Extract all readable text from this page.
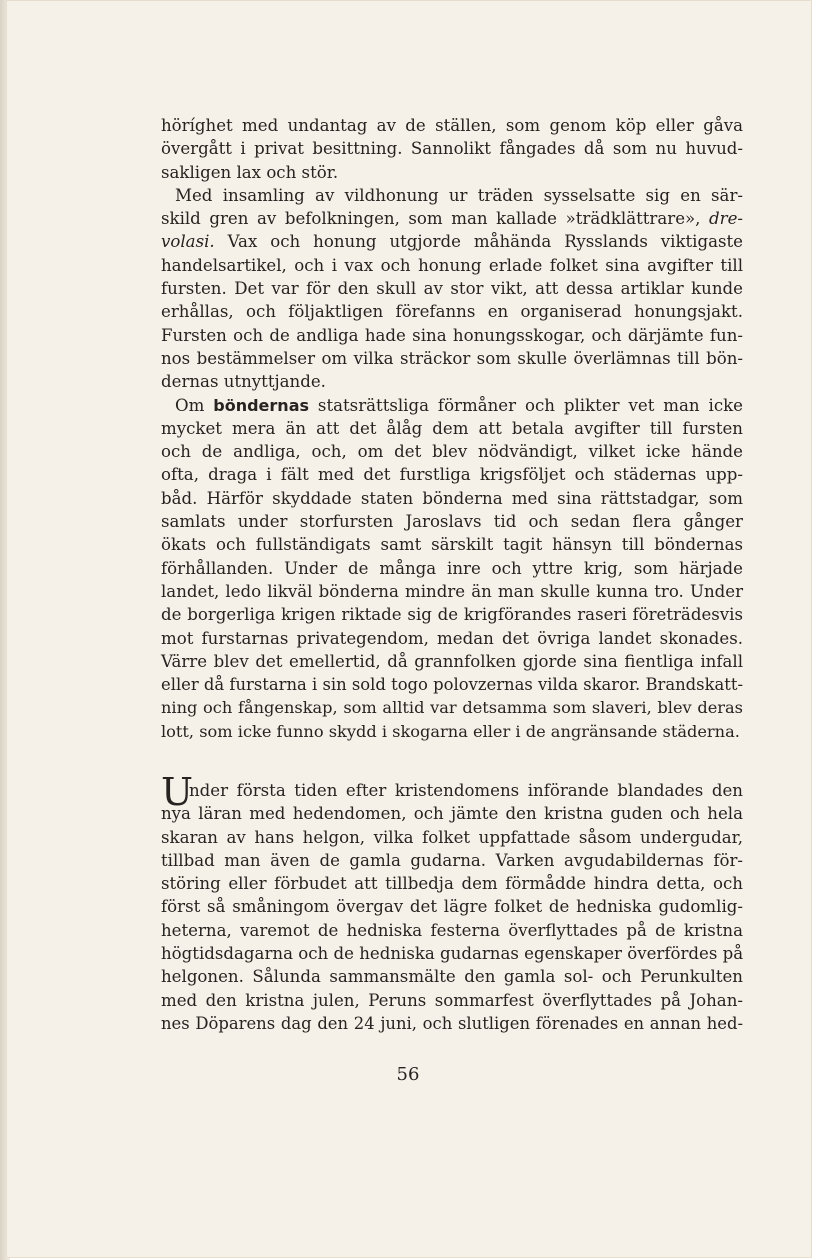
höríghet med undantag av de ställen, som genom köp eller gåva
övergått i privat besittning. Sannolikt fångades då som nu huvud-
sakligen lax och stör.
Med insamling av vildhonung ur träden sysselsatte sig en sär-
skild gren av befolkningen, som man kallade »trädklättrare», dre-
volasi. Vax och honung utgjorde måhända Rysslands viktigaste
handelsartikel, och i vax och honung erlade folket sina avgifter till
fursten. Det var för den skull av stor vikt, att dessa artiklar kunde
erhållas, och följaktligen förefanns en organiserad honungsjakt.
Fursten och de andliga hade sina honungsskogar, och därjämte fun-
nos bestämmelser om vilka sträckor som skulle överlämnas till bön-
dernas utnyttjande.
Om böndernas statsrättsliga förmåner och plikter vet man icke
mycket mera än att det ålåg dem att betala avgifter till fursten
och de andliga, och, om det blev nödvändigt, vilket icke hände
ofta, draga i fält med det furstliga krigsföljet och städernas upp-
båd. Härför skyddade staten bönderna med sina rättstadgar, som
samlats under storfursten Jaroslavs tid och sedan flera gånger
ökats och fullständigats samt särskilt tagit hänsyn till böndernas
förhållanden. Under de många inre och yttre krig, som härjade
landet, ledo likväl bönderna mindre än man skulle kunna tro. Under
de borgerliga krigen riktade sig de krigförandes raseri företrädesvis
mot furstarnas privategendom, medan det övriga landet skonades.
Värre blev det emellertid, då grannfolken gjorde sina fientliga infall
eller då furstarna i sin sold togo polovzernas vilda skaror. Brandskatt-
ning och fångenskap, som alltid var detsamma som slaveri, blev deras
lott, som icke funno skydd i skogarna eller i de angränsande städerna.
U
nder första tiden efter kristendomens införande blandades den
nya läran med hedendomen, och jämte den kristna guden och hela
skaran av hans helgon, vilka folket uppfattade såsom undergudar,
tillbad man även de gamla gudarna. Varken avgudabildernas för-
störing eller förbudet att tillbedja dem förmådde hindra detta, och
först så småningom övergav det lägre folket de hedniska gudomlig-
heterna, varemot de hedniska festerna överflyttades på de kristna
högtidsdagarna och de hedniska gudarnas egenskaper överfördes på
helgonen. Sålunda sammansmälte den gamla sol- och Perunkulten
med den kristna julen, Peruns sommarfest överflyttades på Johan-
nes Döparens dag den 24 juni, och slutligen förenades en annan hed-
56
